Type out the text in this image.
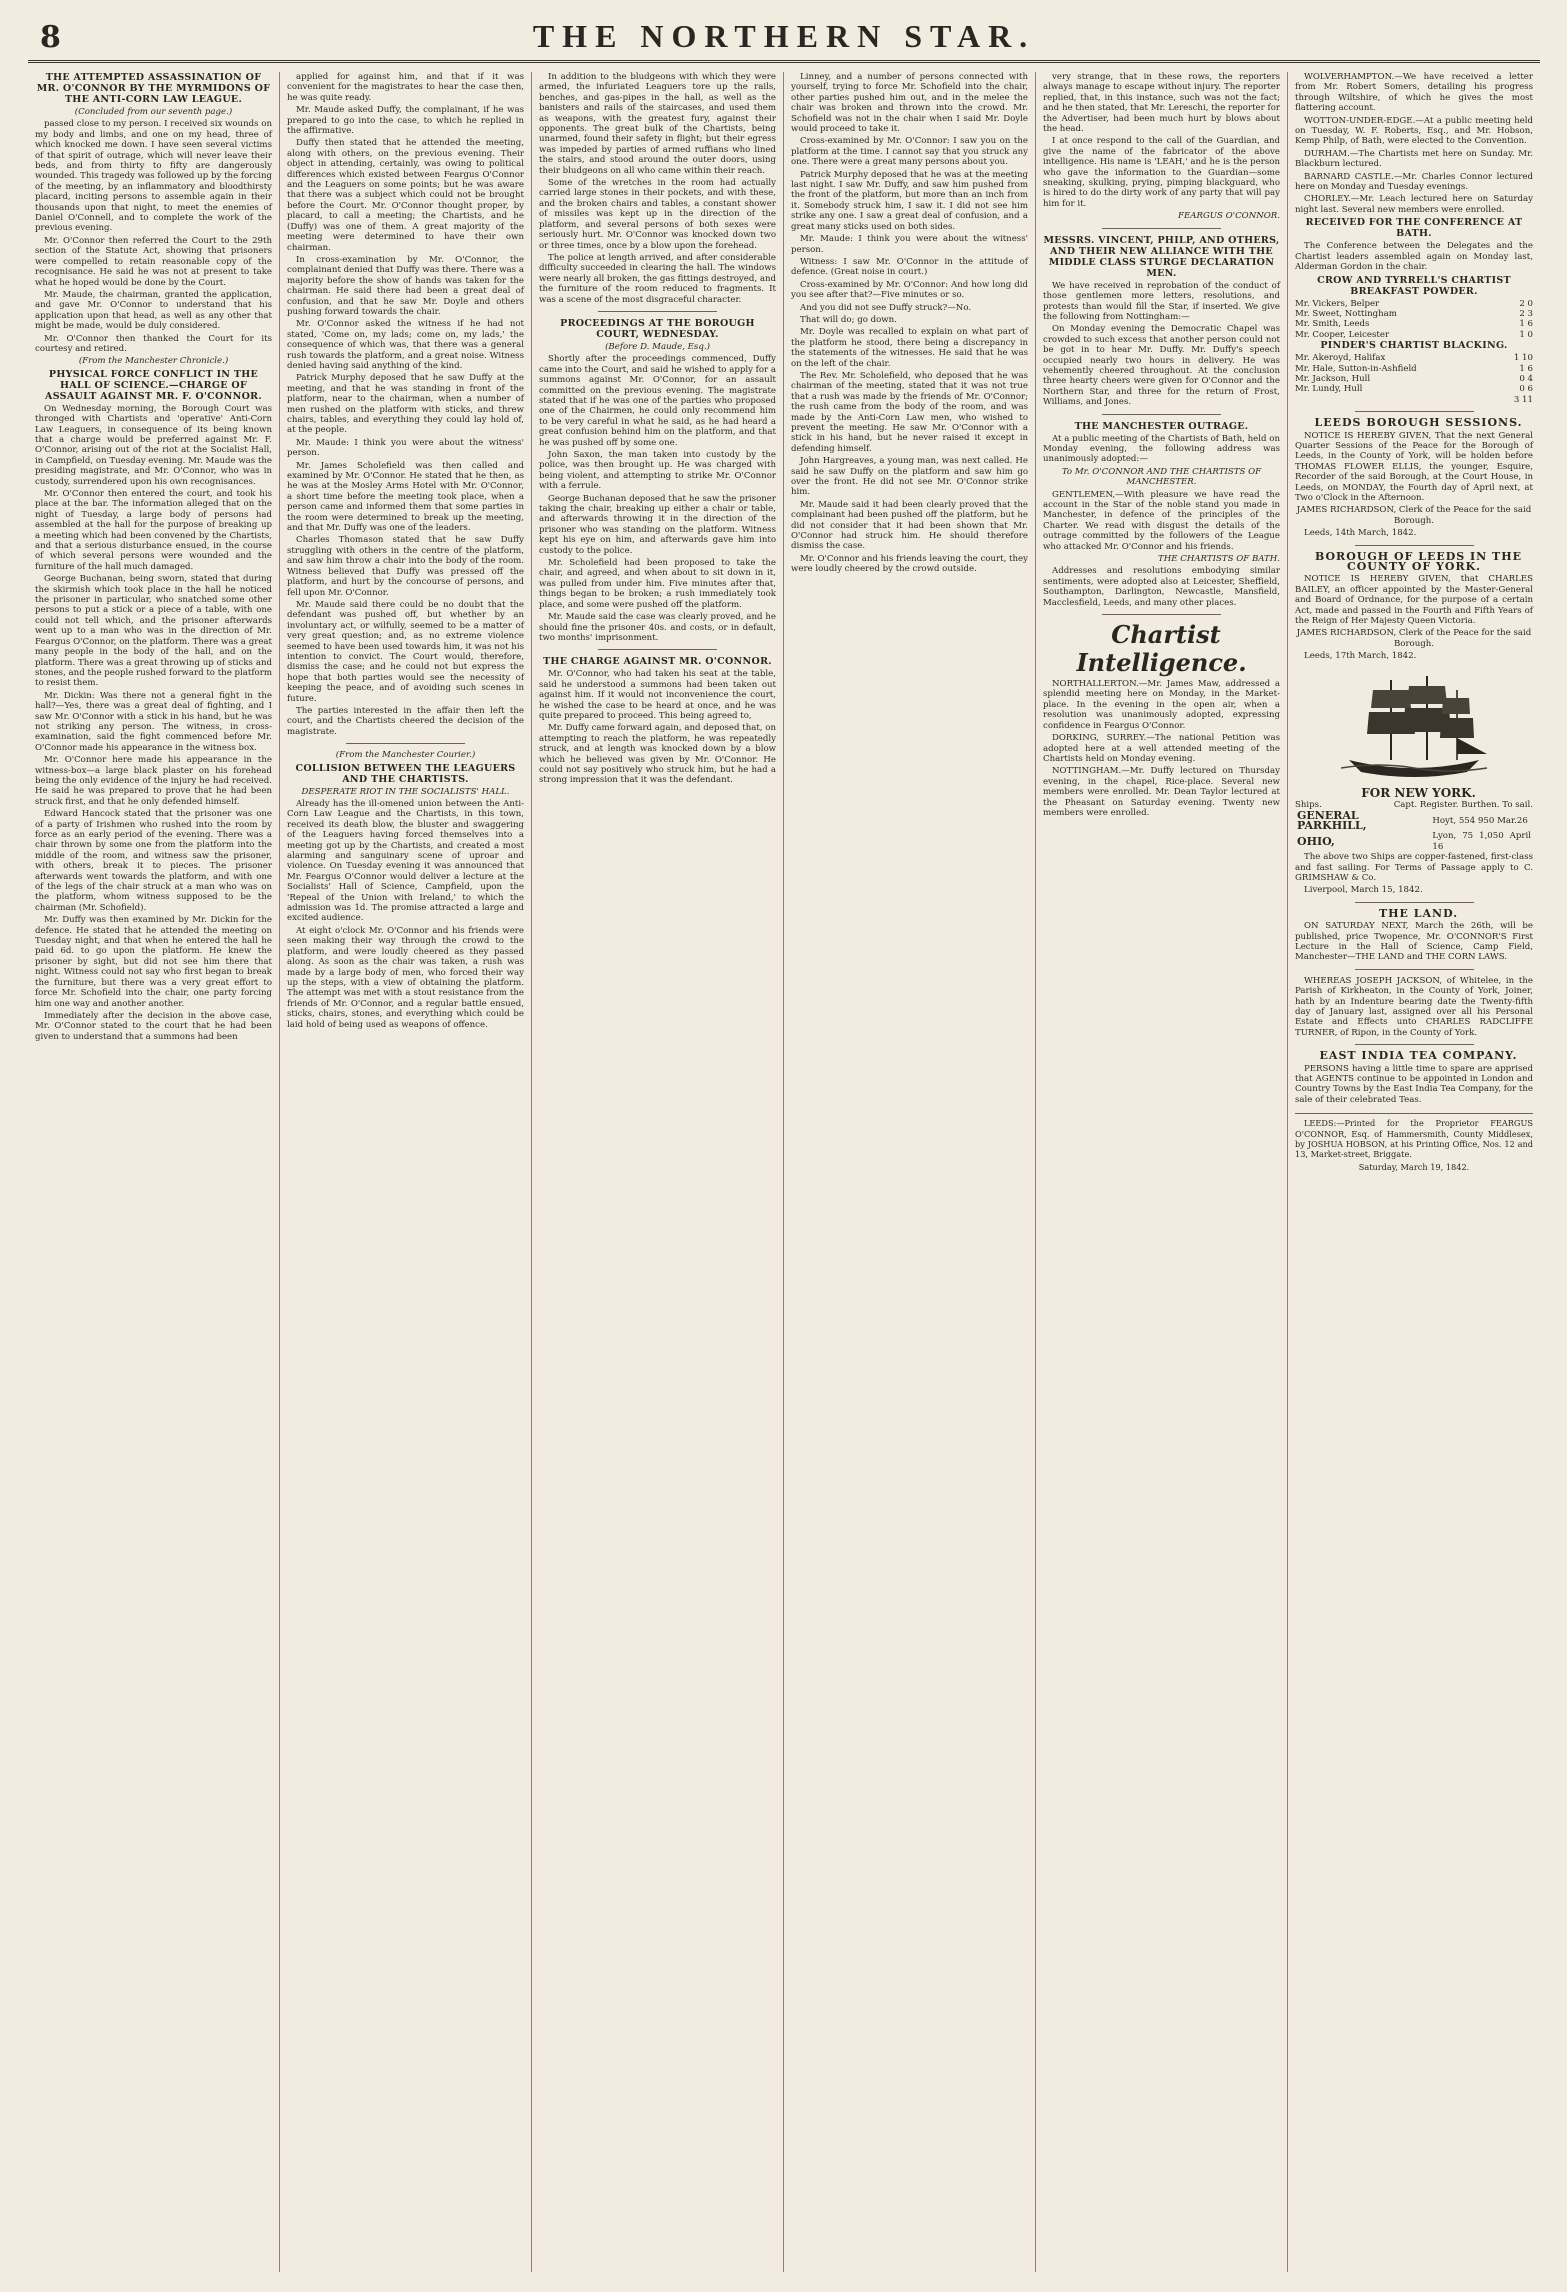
8	THE NORTHERN STAR.

THE ATTEMPTED ASSASSINATION OF MR. O'CONNOR BY THE MYRMIDONS OF THE ANTI-CORN LAW LEAGUE.

(Concluded from our seventh page.)

passed close to my person. I received six wounds on my body and limbs, and one on my head, three of which knocked me down. I have seen several victims of that spirit of outrage, which will never leave their beds, and from thirty to fifty are dangerously wounded. This tragedy was followed up by the forcing of the meeting, by an inflammatory and bloodthirsty placard, inciting persons to assemble again in their thousands upon that night, to meet the enemies of Daniel O'Connell, and to complete the work of the previous evening.

Mr. O'Connor then referred the Court to the 29th section of the Statute Act, showing that prisoners were compelled to retain reasonable copy of the recognisance. He said he was not at present to take what he hoped would be done by the Court.

Mr. Maude, the chairman, granted the application, and gave Mr. O'Connor to understand that his application upon that head, as well as any other that might be made, would be duly considered.

Mr. O'Connor then thanked the Court for its courtesy and retired.

(From the Manchester Chronicle.)

PHYSICAL FORCE CONFLICT IN THE HALL OF SCIENCE.—CHARGE OF ASSAULT AGAINST MR. F. O'CONNOR.

On Wednesday morning, the Borough Court was thronged with Chartists and 'operative' Anti-Corn Law Leaguers, in consequence of its being known that a charge would be preferred against Mr. F. O'Connor, arising out of the riot at the Socialist Hall, in Campfield, on Tuesday evening. Mr. Maude was the presiding magistrate, and Mr. O'Connor, who was in custody, surrendered upon his own recognisances.

Mr. O'Connor then entered the court, and took his place at the bar. The information alleged that on the night of Tuesday, a large body of persons had assembled at the hall for the purpose of breaking up a meeting which had been convened by the Chartists, and that a serious disturbance ensued, in the course of which several persons were wounded and the furniture of the hall much damaged.

George Buchanan, being sworn, stated that during the skirmish which took place in the hall he noticed the prisoner in particular, who snatched some other persons to put a stick or a piece of a table, with one could not tell which, and the prisoner afterwards went up to a man who was in the direction of Mr. Feargus O'Connor, on the platform. There was a great many people in the body of the hall, and on the platform. There was a great throwing up of sticks and stones, and the people rushed forward to the platform to resist them.

Mr. Dickin: Was there not a general fight in the hall?—Yes, there was a great deal of fighting, and I saw Mr. O'Connor with a stick in his hand, but he was not striking any person. The witness, in cross-examination, said the fight commenced before Mr. O'Connor made his appearance in the witness box.

Mr. O'Connor here made his appearance in the witness-box—a large black plaster on his forehead being the only evidence of the injury he had received. He said he was prepared to prove that he had been struck first, and that he only defended himself.

Edward Hancock stated that the prisoner was one of a party of Irishmen who rushed into the room by force as an early period of the evening. There was a chair thrown by some one from the platform into the middle of the room, and witness saw the prisoner, with others, break it to pieces. The prisoner afterwards went towards the platform, and with one of the legs of the chair struck at a man who was on the platform, whom witness supposed to be the chairman (Mr. Schofield).

Mr. Duffy was then examined by Mr. Dickin for the defence. He stated that he attended the meeting on Tuesday night, and that when he entered the hall he paid 6d. to go upon the platform. He knew the prisoner by sight, but did not see him there that night. Witness could not say who first began to break the furniture, but there was a very great effort to force Mr. Schofield into the chair, one party forcing him one way and another another.

Immediately after the decision in the above case, Mr. O'Connor stated to the court that he had been given to understand that a summons had been

applied for against him, and that if it was convenient for the magistrates to hear the case then, he was quite ready.

Mr. Maude asked Duffy, the complainant, if he was prepared to go into the case, to which he replied in the affirmative.

Duffy then stated that he attended the meeting, along with others, on the previous evening. Their object in attending, certainly, was owing to political differences which existed between Feargus O'Connor and the Leaguers on some points; but he was aware that there was a subject which could not be brought before the Court. Mr. O'Connor thought proper, by placard, to call a meeting; the Chartists, and he (Duffy) was one of them. A great majority of the meeting were determined to have their own chairman.

In cross-examination by Mr. O'Connor, the complainant denied that Duffy was there. There was a majority before the show of hands was taken for the chairman. He said there had been a great deal of confusion, and that he saw Mr. Doyle and others pushing forward towards the chair.

Mr. O'Connor asked the witness if he had not stated, 'Come on, my lads; come on, my lads,' the consequence of which was, that there was a general rush towards the platform, and a great noise. Witness denied having said anything of the kind.

Patrick Murphy deposed that he saw Duffy at the meeting, and that he was standing in front of the platform, near to the chairman, when a number of men rushed on the platform with sticks, and threw chairs, tables, and everything they could lay hold of, at the people.

Mr. Maude: I think you were about the witness' person.

Mr. James Scholefield was then called and examined by Mr. O'Connor. He stated that he then, as he was at the Mosley Arms Hotel with Mr. O'Connor, a short time before the meeting took place, when a person came and informed them that some parties in the room were determined to break up the meeting, and that Mr. Duffy was one of the leaders.

Charles Thomason stated that he saw Duffy struggling with others in the centre of the platform, and saw him throw a chair into the body of the room. Witness believed that Duffy was pressed off the platform, and hurt by the concourse of persons, and fell upon Mr. O'Connor.

Mr. Maude said there could be no doubt that the defendant was pushed off, but whether by an involuntary act, or wilfully, seemed to be a matter of very great question; and, as no extreme violence seemed to have been used towards him, it was not his intention to convict. The Court would, therefore, dismiss the case; and he could not but express the hope that both parties would see the necessity of keeping the peace, and of avoiding such scenes in future.

The parties interested in the affair then left the court, and the Chartists cheered the decision of the magistrate.

(From the Manchester Courier.)

COLLISION BETWEEN THE LEAGUERS AND THE CHARTISTS.

DESPERATE RIOT IN THE SOCIALISTS' HALL.

Already has the ill-omened union between the Anti-Corn Law League and the Chartists, in this town, received its death blow, the bluster and swaggering of the Leaguers having forced themselves into a meeting got up by the Chartists, and created a most alarming and sanguinary scene of uproar and violence. On Tuesday evening it was announced that Mr. Feargus O'Connor would deliver a lecture at the Socialists' Hall of Science, Campfield, upon the 'Repeal of the Union with Ireland,' to which the admission was 1d. The promise attracted a large and excited audience.

At eight o'clock Mr. O'Connor and his friends were seen making their way through the crowd to the platform, and were loudly cheered as they passed along. As soon as the chair was taken, a rush was made by a large body of men, who forced their way up the steps, with a view of obtaining the platform. The attempt was met with a stout resistance from the friends of Mr. O'Connor, and a regular battle ensued, sticks, chairs, stones, and everything which could be laid hold of being used as weapons of offence.

In addition to the bludgeons with which they were armed, the infuriated Leaguers tore up the rails, benches, and gas-pipes in the hall, as well as the banisters and rails of the staircases, and used them as weapons, with the greatest fury, against their opponents. The great bulk of the Chartists, being unarmed, found their safety in flight; but their egress was impeded by parties of armed ruffians who lined the stairs, and stood around the outer doors, using their bludgeons on all who came within their reach.

Some of the wretches in the room had actually carried large stones in their pockets, and with these, and the broken chairs and tables, a constant shower of missiles was kept up in the direction of the platform, and several persons of both sexes were seriously hurt. Mr. O'Connor was knocked down two or three times, once by a blow upon the forehead.

The police at length arrived, and after considerable difficulty succeeded in clearing the hall. The windows were nearly all broken, the gas fittings destroyed, and the furniture of the room reduced to fragments. It was a scene of the most disgraceful character.

PROCEEDINGS AT THE BOROUGH COURT, WEDNESDAY.

(Before D. Maude, Esq.)

Shortly after the proceedings commenced, Duffy came into the Court, and said he wished to apply for a summons against Mr. O'Connor, for an assault committed on the previous evening. The magistrate stated that if he was one of the parties who proposed one of the Chairmen, he could only recommend him to be very careful in what he said, as he had heard a great confusion behind him on the platform, and that he was pushed off by some one.

John Saxon, the man taken into custody by the police, was then brought up. He was charged with being violent, and attempting to strike Mr. O'Connor with a ferrule.

George Buchanan deposed that he saw the prisoner taking the chair, breaking up either a chair or table, and afterwards throwing it in the direction of the prisoner who was standing on the platform. Witness kept his eye on him, and afterwards gave him into custody to the police.

Mr. Scholefield had been proposed to take the chair, and agreed, and when about to sit down in it, was pulled from under him. Five minutes after that, things began to be broken; a rush immediately took place, and some were pushed off the platform.

Mr. Maude said the case was clearly proved, and he should fine the prisoner 40s. and costs, or in default, two months' imprisonment.

THE CHARGE AGAINST MR. O'CONNOR.

Mr. O'Connor, who had taken his seat at the table, said he understood a summons had been taken out against him. If it would not inconvenience the court, he wished the case to be heard at once, and he was quite prepared to proceed. This being agreed to,

Mr. Duffy came forward again, and deposed that, on attempting to reach the platform, he was repeatedly struck, and at length was knocked down by a blow which he believed was given by Mr. O'Connor. He could not say positively who struck him, but he had a strong impression that it was the defendant.

Linney, and a number of persons connected with yourself, trying to force Mr. Schofield into the chair, other parties pushed him out, and in the melee the chair was broken and thrown into the crowd. Mr. Schofield was not in the chair when I said Mr. Doyle would proceed to take it.

Cross-examined by Mr. O'Connor: I saw you on the platform at the time. I cannot say that you struck any one. There were a great many persons about you.

Patrick Murphy deposed that he was at the meeting last night. I saw Mr. Duffy, and saw him pushed from the front of the platform, but more than an inch from it. Somebody struck him, I saw it. I did not see him strike any one. I saw a great deal of confusion, and a great many sticks used on both sides.

Mr. Maude: I think you were about the witness' person.

Witness: I saw Mr. O'Connor in the attitude of defence. (Great noise in court.)

Cross-examined by Mr. O'Connor: And how long did you see after that?—Five minutes or so.

And you did not see Duffy struck?—No.

That will do; go down.

Mr. Doyle was recalled to explain on what part of the platform he stood, there being a discrepancy in the statements of the witnesses. He said that he was on the left of the chair.

The Rev. Mr. Scholefield, who deposed that he was chairman of the meeting, stated that it was not true that a rush was made by the friends of Mr. O'Connor; the rush came from the body of the room, and was made by the Anti-Corn Law men, who wished to prevent the meeting. He saw Mr. O'Connor with a stick in his hand, but he never raised it except in defending himself.

John Hargreaves, a young man, was next called. He said he saw Duffy on the platform and saw him go over the front. He did not see Mr. O'Connor strike him.

Mr. Maude said it had been clearly proved that the complainant had been pushed off the platform, but he did not consider that it had been shown that Mr. O'Connor had struck him. He should therefore dismiss the case.

Mr. O'Connor and his friends leaving the court, they were loudly cheered by the crowd outside.

very strange, that in these rows, the reporters always manage to escape without injury. The reporter replied, that, in this instance, such was not the fact; and he then stated, that Mr. Lereschi, the reporter for the Advertiser, had been much hurt by blows about the head.

I at once respond to the call of the Guardian, and give the name of the fabricator of the above intelligence. His name is 'LEAH,' and he is the person who gave the information to the Guardian—some sneaking, skulking, prying, pimping blackguard, who is hired to do the dirty work of any party that will pay him for it.

FEARGUS O'CONNOR.

MESSRS. VINCENT, PHILP, AND OTHERS, AND THEIR NEW ALLIANCE WITH THE MIDDLE CLASS STURGE DECLARATION MEN.

We have received in reprobation of the conduct of those gentlemen more letters, resolutions, and protests than would fill the Star, if inserted. We give the following from Nottingham:—

On Monday evening the Democratic Chapel was crowded to such excess that another person could not be got in to hear Mr. Duffy. Mr. Duffy's speech occupied nearly two hours in delivery. He was vehemently cheered throughout. At the conclusion three hearty cheers were given for O'Connor and the Northern Star, and three for the return of Frost, Williams, and Jones.

THE MANCHESTER OUTRAGE.

At a public meeting of the Chartists of Bath, held on Monday evening, the following address was unanimously adopted:—

To Mr. O'CONNOR AND THE CHARTISTS OF MANCHESTER.

GENTLEMEN,—With pleasure we have read the account in the Star of the noble stand you made in Manchester, in defence of the principles of the Charter. We read with disgust the details of the outrage committed by the followers of the League who attacked Mr. O'Connor and his friends.

THE CHARTISTS OF BATH.

Addresses and resolutions embodying similar sentiments, were adopted also at Leicester, Sheffield, Southampton, Darlington, Newcastle, Mansfield, Macclesfield, Leeds, and many other places.

Chartist Intelligence.

NORTHALLERTON.—Mr. James Maw, addressed a splendid meeting here on Monday, in the Market-place. In the evening in the open air, when a resolution was unanimously adopted, expressing confidence in Feargus O'Connor.

DORKING, SURREY.—The national Petition was adopted here at a well attended meeting of the Chartists held on Monday evening.

NOTTINGHAM.—Mr. Duffy lectured on Thursday evening, in the chapel, Rice-place. Several new members were enrolled. Mr. Dean Taylor lectured at the Pheasant on Saturday evening. Twenty new members were enrolled.

WOLVERHAMPTON.—We have received a letter from Mr. Robert Somers, detailing his progress through Wiltshire, of which he gives the most flattering account.

WOTTON-UNDER-EDGE.—At a public meeting held on Tuesday, W. F. Roberts, Esq., and Mr. Hobson, Kemp Philp, of Bath, were elected to the Convention.

DURHAM.—The Chartists met here on Sunday. Mr. Blackburn lectured.

BARNARD CASTLE.—Mr. Charles Connor lectured here on Monday and Tuesday evenings.

CHORLEY.—Mr. Leach lectured here on Saturday night last. Several new members were enrolled.

RECEIVED FOR THE CONFERENCE AT BATH.

The Conference between the Delegates and the Chartist leaders assembled again on Monday last, Alderman Gordon in the chair.

CROW AND TYRRELL'S CHARTIST BREAKFAST POWDER.

Mr. Vickers, Belper	2 0
Mr. Sweet, Nottingham	2 3
Mr. Smith, Leeds	1 6
Mr. Cooper, Leicester	1 0

PINDER'S CHARTIST BLACKING.

Mr. Akeroyd, Halifax	1 10
Mr. Hale, Sutton-in-Ashfield	1 6
Mr. Jackson, Hull	0 4
Mr. Lundy, Hull	0 6
3 11

LEEDS BOROUGH SESSIONS.

NOTICE IS HEREBY GIVEN, That the next General Quarter Sessions of the Peace for the Borough of Leeds, in the County of York, will be holden before THOMAS FLOWER ELLIS, the younger, Esquire, Recorder of the said Borough, at the Court House, in Leeds, on MONDAY, the Fourth day of April next, at Two o'Clock in the Afternoon.

JAMES RICHARDSON, Clerk of the Peace for the said Borough.

Leeds, 14th March, 1842.

BOROUGH OF LEEDS IN THE COUNTY OF YORK.

NOTICE IS HEREBY GIVEN, that CHARLES BAILEY, an officer appointed by the Master-General and Board of Ordnance, for the purpose of a certain Act, made and passed in the Fourth and Fifth Years of the Reign of Her Majesty Queen Victoria.

JAMES RICHARDSON, Clerk of the Peace for the said Borough.

Leeds, 17th March, 1842.

FOR NEW YORK.

Ships.	Capt. Register. Burthen. To sail.
GENERAL PARKHILL,	Hoyt, 554 950 Mar.26
OHIO,	Lyon, 75 1,050 April 16

The above two Ships are copper-fastened, first-class and fast sailing. For Terms of Passage apply to C. GRIMSHAW & Co.

Liverpool, March 15, 1842.

THE LAND.

ON SATURDAY NEXT, March the 26th, will be published, price Twopence, Mr. O'CONNOR'S First Lecture in the Hall of Science, Camp Field, Manchester—THE LAND and THE CORN LAWS.

WHEREAS JOSEPH JACKSON, of Whitelee, in the Parish of Kirkheaton, in the County of York, Joiner, hath by an Indenture bearing date the Twenty-fifth day of January last, assigned over all his Personal Estate and Effects unto CHARLES RADCLIFFE TURNER, of Ripon, in the County of York.

EAST INDIA TEA COMPANY.

PERSONS having a little time to spare are apprised that AGENTS continue to be appointed in London and Country Towns by the East India Tea Company, for the sale of their celebrated Teas.

LEEDS:—Printed for the Proprietor FEARGUS O'CONNOR, Esq. of Hammersmith, County Middlesex, by JOSHUA HOBSON, at his Printing Office, Nos. 12 and 13, Market-street, Briggate.

Saturday, March 19, 1842.
